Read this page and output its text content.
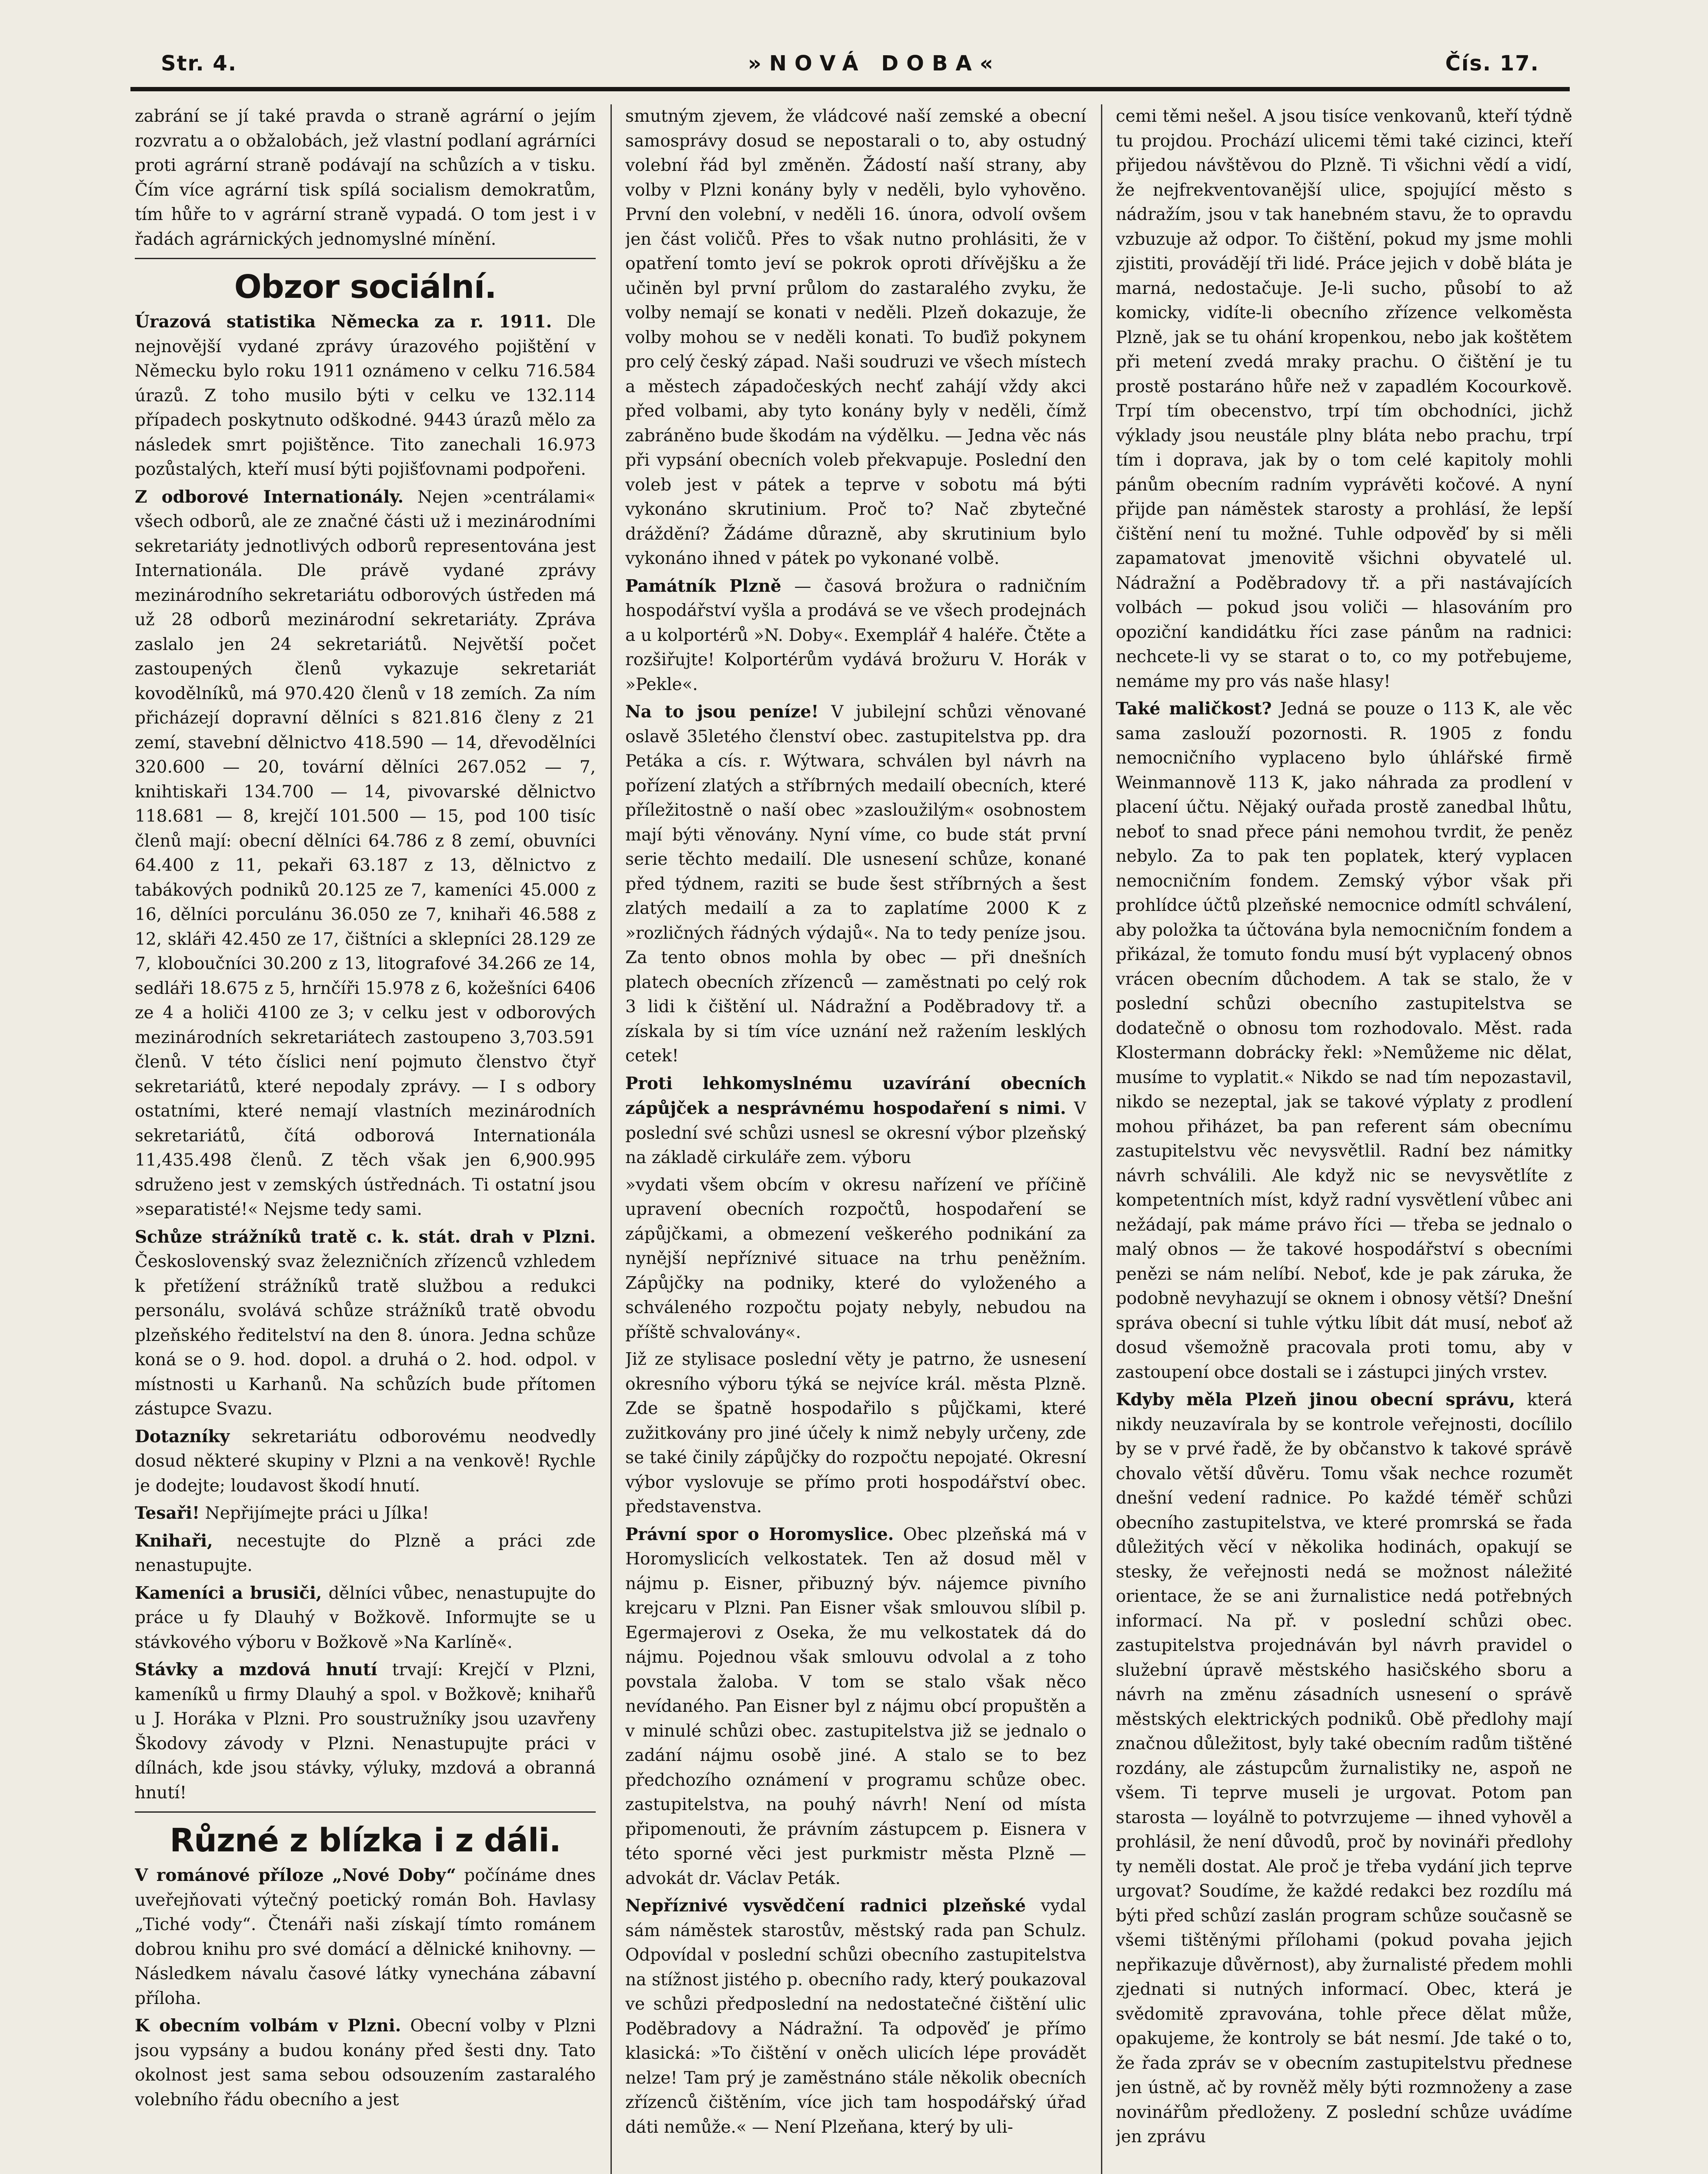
Str. 4.	»NOVÁ DOBA«	Čís. 17.

zabrání se jí také pravda o straně agrární o jejím rozvratu a o obžalobách, jež vlastní podlaní agrárníci proti agrární straně podávají na schůzích a v tisku. Čím více agrární tisk spílá socialism demokratům, tím hůře to v agrární straně vypadá. O tom jest i v řadách agrárnických jednomyslné mínění.

Obzor sociální.

Úrazová statistika Německa za r. 1911. Dle nejnovější vydané zprávy úrazového pojištění v Německu bylo roku 1911 oznámeno v celku 716.584 úrazů. Z toho musilo býti v celku ve 132.114 případech poskytnuto odškodné. 9443 úrazů mělo za následek smrt pojištěnce. Tito zanechali 16.973 pozůstalých, kteří musí býti pojišťovnami podpořeni.

Z odborové Internationály. Nejen »centrálami« všech odborů, ale ze značné části už i mezinárodními sekretariáty jednotlivých odborů representována jest Internationála. Dle právě vydané zprávy mezinárodního sekretariátu odborových ústředen má už 28 odborů mezinárodní sekretariáty. Zpráva zaslalo jen 24 sekretariátů. Největší počet zastoupených členů vykazuje sekretariát kovodělníků, má 970.420 členů v 18 zemích. Za ním přicházejí dopravní dělníci s 821.816 členy z 21 zemí, stavební dělnictvo 418.590 — 14, dřevodělníci 320.600 — 20, tovární dělníci 267.052 — 7, knihtiskaři 134.700 — 14, pivovarské dělnictvo 118.681 — 8, krejčí 101.500 — 15, pod 100 tisíc členů mají: obecní dělníci 64.786 z 8 zemí, obuvníci 64.400 z 11, pekaři 63.187 z 13, dělnictvo z tabákových podniků 20.125 ze 7, kameníci 45.000 z 16, dělníci porculánu 36.050 ze 7, knihaři 46.588 z 12, skláři 42.450 ze 17, čištníci a sklepníci 28.129 ze 7, kloboučníci 30.200 z 13, litografové 34.266 ze 14, sedláři 18.675 z 5, hrnčíři 15.978 z 6, kožešníci 6406 ze 4 a holiči 4100 ze 3; v celku jest v odborových mezinárodních sekretariátech zastoupeno 3,703.591 členů. V této číslici není pojmuto členstvo čtyř sekretariátů, které nepodaly zprávy. — I s odbory ostatními, které nemají vlastních mezinárodních sekretariátů, čítá odborová Internationála 11,435.498 členů. Z těch však jen 6,900.995 sdruženo jest v zemských ústřednách. Ti ostatní jsou »separatisté!« Nejsme tedy sami.

Schůze strážníků tratě c. k. stát. drah v Plzni. Československý svaz železničních zřízenců vzhledem k přetížení strážníků tratě službou a redukci personálu, svolává schůze strážníků tratě obvodu plzeňského ředitelství na den 8. února. Jedna schůze koná se o 9. hod. dopol. a druhá o 2. hod. odpol. v místnosti u Karhanů. Na schůzích bude přítomen zástupce Svazu.

Dotazníky sekretariátu odborovému neodvedly dosud některé skupiny v Plzni a na venkově! Rychle je dodejte; loudavost škodí hnutí.

Tesaři! Nepřijímejte práci u Jílka!

Knihaři, necestujte do Plzně a práci zde nenastupujte.

Kameníci a brusiči, dělníci vůbec, nenastupujte do práce u fy Dlauhý v Božkově. Informujte se u stávkového výboru v Božkově »Na Karlíně«.

Stávky a mzdová hnutí trvají: Krejčí v Plzni, kameníků u firmy Dlauhý a spol. v Božkově; knihařů u J. Horáka v Plzni. Pro soustružníky jsou uzavřeny Škodovy závody v Plzni. Nenastupujte práci v dílnách, kde jsou stávky, výluky, mzdová a obranná hnutí!

Různé z blízka i z dáli.

V románové příloze „Nové Doby“ počínáme dnes uveřejňovati výtečný poetický román Boh. Havlasy „Tiché vody“. Čtenáři naši získají tímto románem dobrou knihu pro své domácí a dělnické knihovny. — Následkem návalu časové látky vynechána zábavní příloha.

K obecním volbám v Plzni. Obecní volby v Plzni jsou vypsány a budou konány před šesti dny. Tato okolnost jest sama sebou odsouzením zastaralého volebního řádu obecního a jest

smutným zjevem, že vládcové naší zemské a obecní samosprávy dosud se nepostarali o to, aby ostudný volební řád byl změněn. Žádostí naší strany, aby volby v Plzni konány byly v neděli, bylo vyhověno. První den volební, v neděli 16. února, odvolí ovšem jen část voličů. Přes to však nutno prohlásiti, že v opatření tomto jeví se pokrok oproti dřívějšku a že učiněn byl první průlom do zastaralého zvyku, že volby nemají se konati v neděli. Plzeň dokazuje, že volby mohou se v neděli konati. To buďiž pokynem pro celý český západ. Naši soudruzi ve všech místech a městech západočeských nechť zahájí vždy akci před volbami, aby tyto konány byly v neděli, čímž zabráněno bude škodám na výdělku. — Jedna věc nás při vypsání obecních voleb překvapuje. Poslední den voleb jest v pátek a teprve v sobotu má býti vykonáno skrutinium. Proč to? Nač zbytečné dráždění? Žádáme důrazně, aby skrutinium bylo vykonáno ihned v pátek po vykonané volbě.

Památník Plzně — časová brožura o radničním hospodářství vyšla a prodává se ve všech prodejnách a u kolportérů »N. Doby«. Exemplář 4 haléře. Čtěte a rozšiřujte! Kolportérům vydává brožuru V. Horák v »Pekle«.

Na to jsou peníze! V jubilejní schůzi věnované oslavě 35letého členství obec. zastupitelstva pp. dra Petáka a cís. r. Wýtwara, schválen byl návrh na pořízení zlatých a stříbrných medailí obecních, které příležitostně o naší obec »zasloužilým« osobnostem mají býti věnovány. Nyní víme, co bude stát první serie těchto medailí. Dle usnesení schůze, konané před týdnem, raziti se bude šest stříbrných a šest zlatých medailí a za to zaplatíme 2000 K z »rozličných řádných výdajů«. Na to tedy peníze jsou. Za tento obnos mohla by obec — při dnešních platech obecních zřízenců — zaměstnati po celý rok 3 lidi k čištění ul. Nádražní a Poděbradovy tř. a získala by si tím více uznání než ražením lesklých cetek!

Proti lehkomyslnému uzavírání obecních zápůjček a nesprávnému hospodaření s nimi. V poslední své schůzi usnesl se okresní výbor plzeňský na základě cirkuláře zem. výboru

»vydati všem obcím v okresu nařízení ve příčině upravení obecních rozpočtů, hospodaření se zápůjčkami, a obmezení veškerého podnikání za nynější nepříznivé situace na trhu peněžním. Zápůjčky na podniky, které do vyloženého a schváleného rozpočtu pojaty nebyly, nebudou na příště schvalovány«.

Již ze stylisace poslední věty je patrno, že usnesení okresního výboru týká se nejvíce král. města Plzně. Zde se špatně hospodařilo s půjčkami, které zužitkovány pro jiné účely k nimž nebyly určeny, zde se také činily zápůjčky do rozpočtu nepojaté. Okresní výbor vyslovuje se přímo proti hospodářství obec. představenstva.

Právní spor o Horomyslice. Obec plzeňská má v Horomyslicích velkostatek. Ten až dosud měl v nájmu p. Eisner, přibuzný býv. nájemce pivního krejcaru v Plzni. Pan Eisner však smlouvou slíbil p. Egermajerovi z Oseka, že mu velkostatek dá do nájmu. Pojednou však smlouvu odvolal a z toho povstala žaloba. V tom se stalo však něco nevídaného. Pan Eisner byl z nájmu obcí propuštěn a v minulé schůzi obec. zastupitelstva již se jednalo o zadání nájmu osobě jiné. A stalo se to bez předchozího oznámení v programu schůze obec. zastupitelstva, na pouhý návrh! Není od místa připomenouti, že právním zástupcem p. Eisnera v této sporné věci jest purkmistr města Plzně — advokát dr. Václav Peták.

Nepříznivé vysvědčení radnici plzeňské vydal sám náměstek starostův, městský rada pan Schulz. Odpovídal v poslední schůzi obecního zastupitelstva na stížnost jistého p. obecního rady, který poukazoval ve schůzi předposlední na nedostatečné čištění ulic Poděbradovy a Nádražní. Ta odpověď je přímo klasická: »To čištění v oněch ulicích lépe provádět nelze! Tam prý je zaměstnáno stále několik obecních zřízenců čištěním, více jich tam hospodářský úřad dáti nemůže.« — Není Plzeňana, který by uli-

cemi těmi nešel. A jsou tisíce venkovanů, kteří týdně tu projdou. Prochází ulicemi těmi také cizinci, kteří přijedou návštěvou do Plzně. Ti všichni vědí a vidí, že nejfrekventovanější ulice, spojující město s nádražím, jsou v tak hanebném stavu, že to opravdu vzbuzuje až odpor. To čištění, pokud my jsme mohli zjistiti, provádějí tři lidé. Práce jejich v době bláta je marná, nedostačuje. Je-li sucho, působí to až komicky, vidíte-li obecního zřízence velkoměsta Plzně, jak se tu ohání kropenkou, nebo jak koštětem při metení zvedá mraky prachu. O čištění je tu prostě postaráno hůře než v zapadlém Kocourkově. Trpí tím obecenstvo, trpí tím obchodníci, jichž výklady jsou neustále plny bláta nebo prachu, trpí tím i doprava, jak by o tom celé kapitoly mohli pánům obecním radním vyprávěti kočové. A nyní přijde pan náměstek starosty a prohlásí, že lepší čištění není tu možné. Tuhle odpověď by si měli zapamatovat jmenovitě všichni obyvatelé ul. Nádražní a Poděbradovy tř. a při nastávajících volbách — pokud jsou voliči — hlasováním pro opoziční kandidátku říci zase pánům na radnici: nechcete-li vy se starat o to, co my potřebujeme, nemáme my pro vás naše hlasy!

Také maličkost? Jedná se pouze o 113 K, ale věc sama zaslouží pozornosti. R. 1905 z fondu nemocničního vyplaceno bylo úhlářské firmě Weinmannově 113 K, jako náhrada za prodlení v placení účtu. Nějaký ouřada prostě zanedbal lhůtu, neboť to snad přece páni nemohou tvrdit, že peněz nebylo. Za to pak ten poplatek, který vyplacen nemocničním fondem. Zemský výbor však při prohlídce účtů plzeňské nemocnice odmítl schválení, aby položka ta účtována byla nemocničním fondem a přikázal, že tomuto fondu musí být vyplacený obnos vrácen obecním důchodem. A tak se stalo, že v poslední schůzi obecního zastupitelstva se dodatečně o obnosu tom rozhodovalo. Měst. rada Klostermann dobrácky řekl: »Nemůžeme nic dělat, musíme to vyplatit.« Nikdo se nad tím nepozastavil, nikdo se nezeptal, jak se takové výplaty z prodlení mohou přiházet, ba pan referent sám obecnímu zastupitelstvu věc nevysvětlil. Radní bez námitky návrh schválili. Ale když nic se nevysvětlíte z kompetentních míst, když radní vysvětlení vůbec ani nežádají, pak máme právo říci — třeba se jednalo o malý obnos — že takové hospodářství s obecními penězi se nám nelíbí. Neboť, kde je pak záruka, že podobně nevyhazují se oknem i obnosy větší? Dnešní správa obecní si tuhle výtku líbit dát musí, neboť až dosud všemožně pracovala proti tomu, aby v zastoupení obce dostali se i zástupci jiných vrstev.

Kdyby měla Plzeň jinou obecní správu, která nikdy neuzavírala by se kontrole veřejnosti, docílilo by se v prvé řadě, že by občanstvo k takové správě chovalo větší důvěru. Tomu však nechce rozumět dnešní vedení radnice. Po každé téměř schůzi obecního zastupitelstva, ve které promrská se řada důležitých věcí v několika hodinách, opakují se stesky, že veřejnosti nedá se možnost náležité orientace, že se ani žurnalistice nedá potřebných informací. Na př. v poslední schůzi obec. zastupitelstva projednáván byl návrh pravidel o služební úpravě městského hasičského sboru a návrh na změnu zásadních usnesení o správě městských elektrických podniků. Obě předlohy mají značnou důležitost, byly také obecním radům tištěné rozdány, ale zástupcům žurnalistiky ne, aspoň ne všem. Ti teprve museli je urgovat. Potom pan starosta — loyálně to potvrzujeme — ihned vyhověl a prohlásil, že není důvodů, proč by novináři předlohy ty neměli dostat. Ale proč je třeba vydání jich teprve urgovat? Soudíme, že každé redakci bez rozdílu má býti před schůzí zaslán program schůze současně se všemi tištěnými přílohami (pokud povaha jejich nepřikazuje důvěrnost), aby žurnalisté předem mohli zjednati si nutných informací. Obec, která je svědomitě zpravována, tohle přece dělat může, opakujeme, že kontroly se bát nesmí. Jde také o to, že řada zpráv se v obecním zastupitelstvu přednese jen ústně, ač by rovněž měly býti rozmnoženy a zase novinářům předloženy. Z poslední schůze uvádíme jen zprávu
